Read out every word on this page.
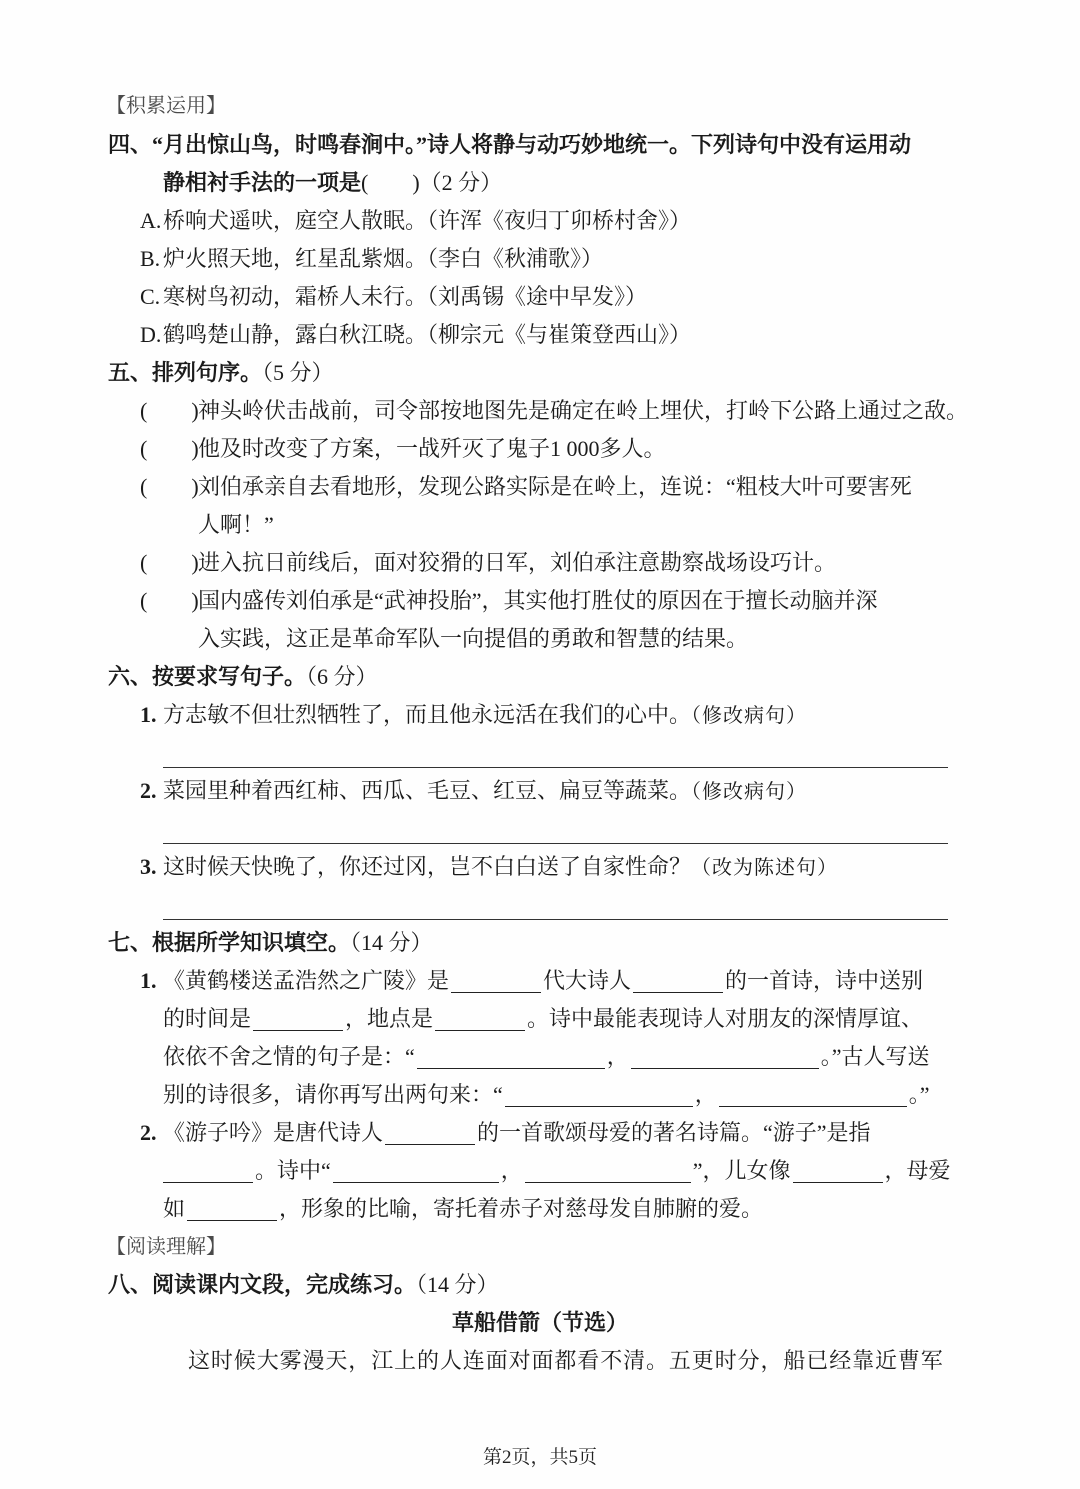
【积累运用】
四、“月出惊山鸟，时鸣春涧中。”诗人将静与动巧妙地统一。下列诗句中没有运用动
静相衬手法的一项是(　　)（2 分）
A.桥响犬遥吠，庭空人散眠。（许浑《夜归丁卯桥村舍》）
B. 炉火照天地，红星乱紫烟。（李白《秋浦歌》）
C. 寒树鸟初动，霜桥人未行。（刘禹锡《途中早发》）
D.鹤鸣楚山静，露白秋江晓。（柳宗元《与崔策登西山》）
五、排列句序。（5 分）
(　　)神头岭伏击战前，司令部按地图先是确定在岭上埋伏，打岭下公路上通过之敌。
(　　)他及时改变了方案，一战歼灭了鬼子1 000多人。
(　　)刘伯承亲自去看地形，发现公路实际是在岭上，连说：“粗枝大叶可要害死
人啊！”
(　　)进入抗日前线后，面对狡猾的日军，刘伯承注意勘察战场设巧计。
(　　)国内盛传刘伯承是“武神投胎”，其实他打胜仗的原因在于擅长动脑并深
入实践，这正是革命军队一向提倡的勇敢和智慧的结果。
六、按要求写句子。（6 分）
1. 方志敏不但壮烈牺牲了，而且他永远活在我们的心中。（修改病句）
2. 菜园里种着西红柿、西瓜、毛豆、红豆、扁豆等蔬菜。（修改病句）
3. 这时候天快晚了，你还过冈，岂不白白送了自家性命？（改为陈述句）
七、根据所学知识填空。（14 分）
1. 《黄鹤楼送孟浩然之广陵》是	代大诗人	的一首诗，诗中送别
的时间是	，地点是	。诗中最能表现诗人对朋友的深情厚谊、
依依不舍之情的句子是：“	，	。”古人写送
别的诗很多，请你再写出两句来：“	，	。”
2. 《游子吟》是唐代诗人	的一首歌颂母爱的著名诗篇。“游子”是指
。诗中“	，	”，儿女像	，母爱
如	，形象的比喻，寄托着赤子对慈母发自肺腑的爱。
【阅读理解】
八、阅读课内文段，完成练习。（14 分）
草船借箭（节选）
这时候大雾漫天，江上的人连面对面都看不清。五更时分，船已经靠近曹军
第2页，共5页
